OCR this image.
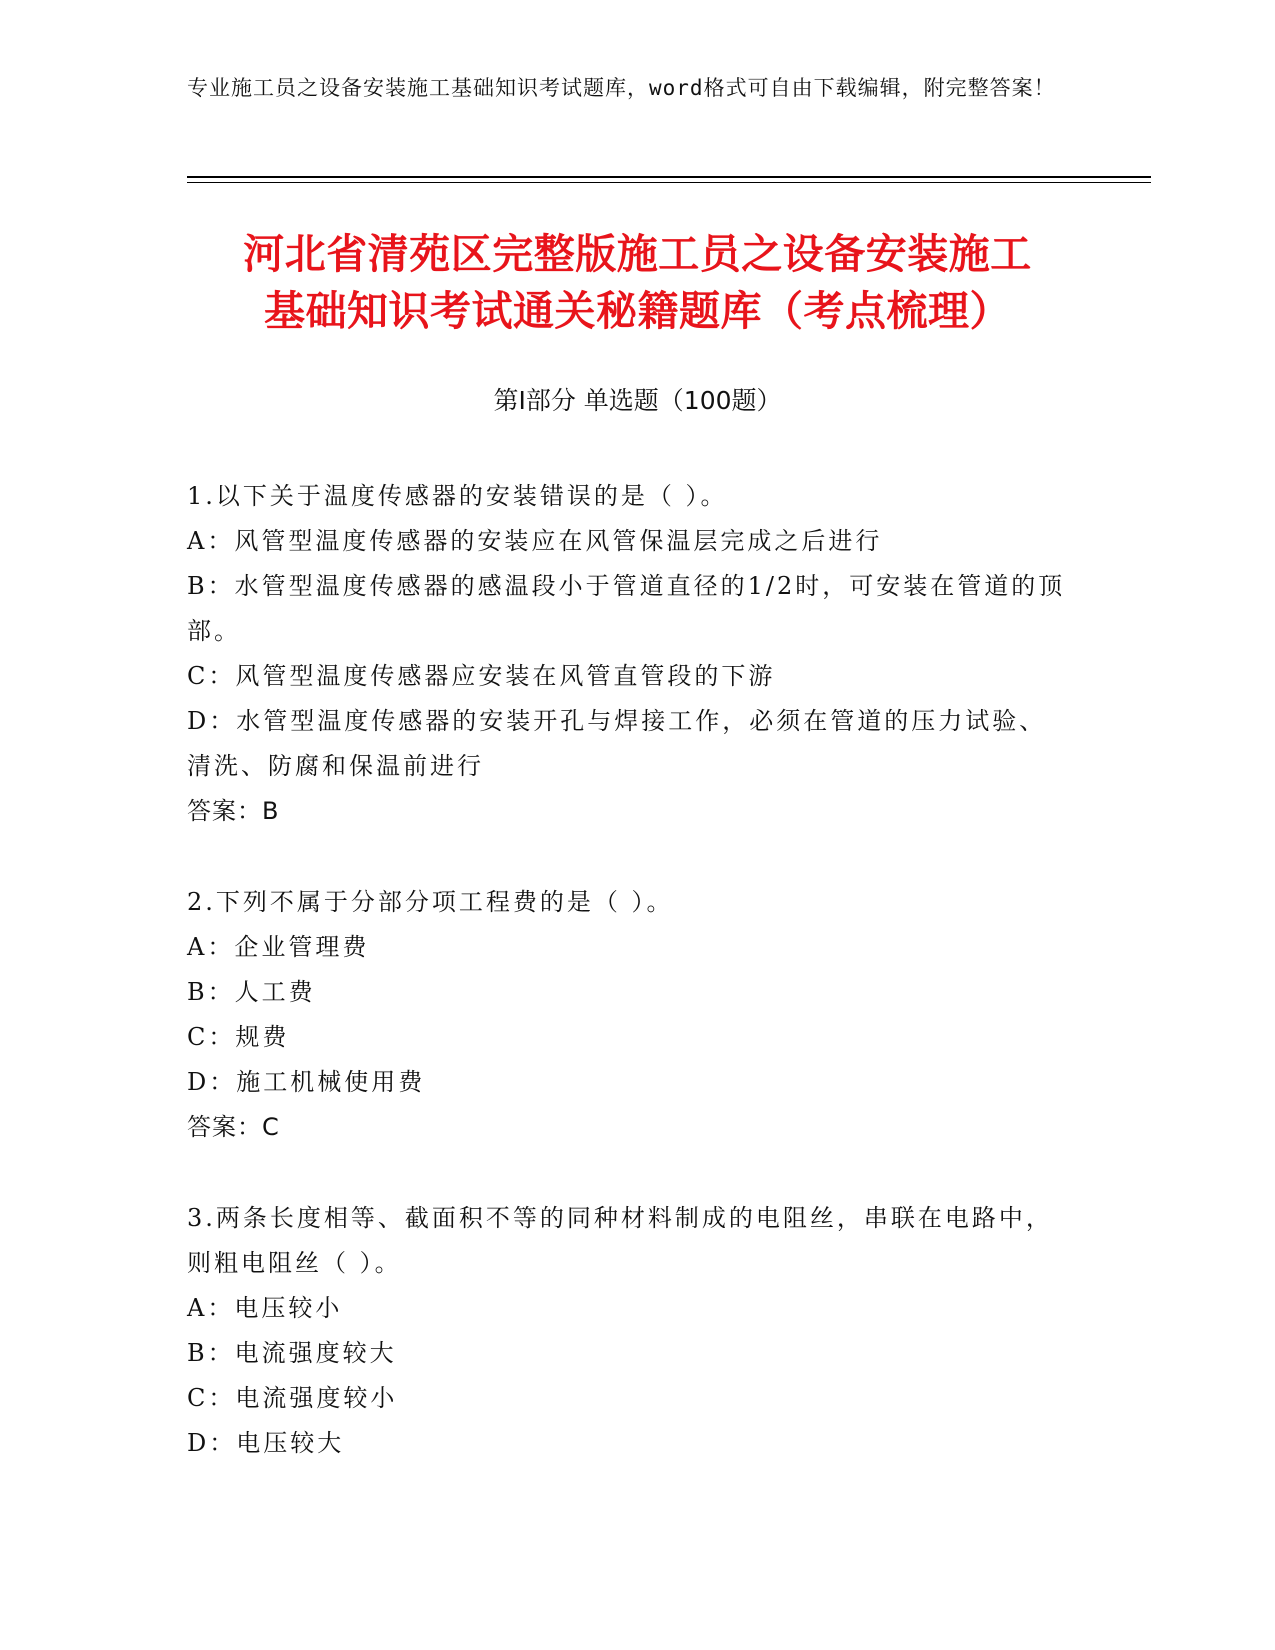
专业施工员之设备安装施工基础知识考试题库，word格式可自由下载编辑，附完整答案！
河北省清苑区完整版施工员之设备安装施工
基础知识考试通关秘籍题库（考点梳理）
第Ⅰ部分 单选题（100题）
1.以下关于温度传感器的安装错误的是（ ）。
A：风管型温度传感器的安装应在风管保温层完成之后进行
B：水管型温度传感器的感温段小于管道直径的1/2时，可安装在管道的顶部。
C：风管型温度传感器应安装在风管直管段的下游
D：水管型温度传感器的安装开孔与焊接工作，必须在管道的压力试验、清洗、防腐和保温前进行
答案：B
2.下列不属于分部分项工程费的是（ ）。
A：企业管理费
B：人工费
C：规费
D：施工机械使用费
答案：C
3.两条长度相等、截面积不等的同种材料制成的电阻丝，串联在电路中，则粗电阻丝（ ）。
A：电压较小
B：电流强度较大
C：电流强度较小
D：电压较大
